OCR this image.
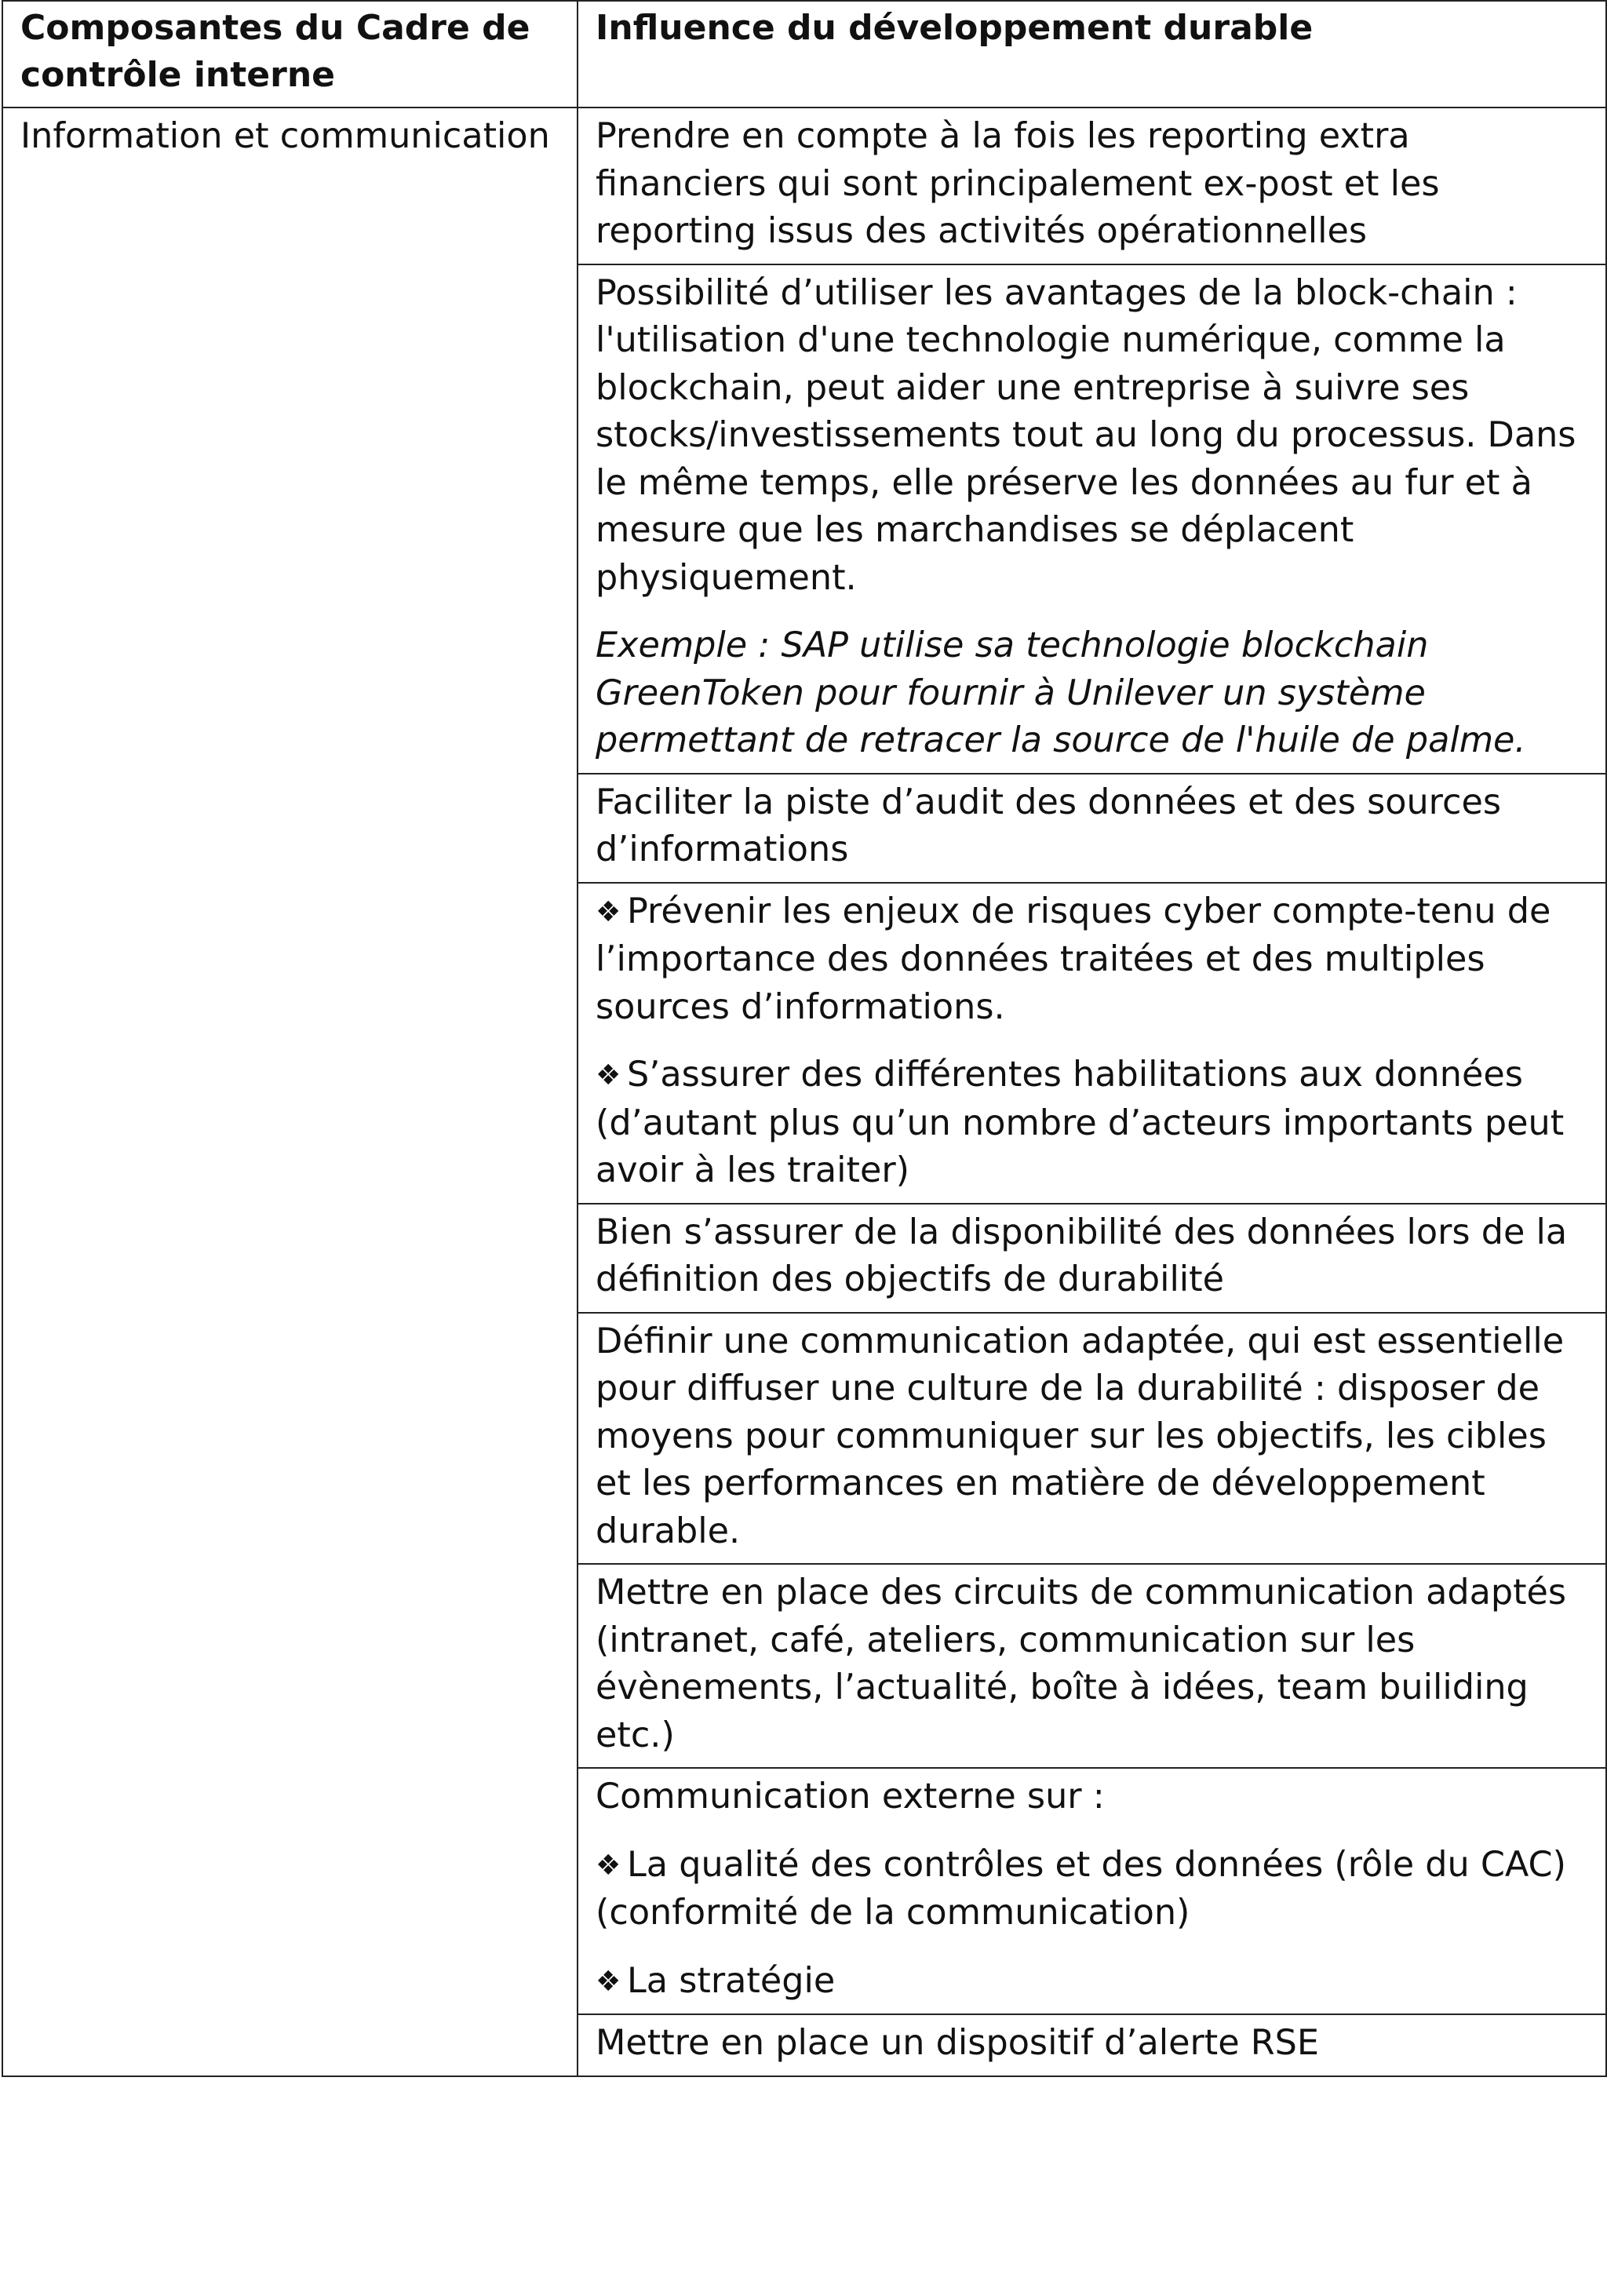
Composantes du Cadre de contrôle interne	Influence du développement durable
Information et communication	Prendre en compte à la fois les reporting extra financiers qui sont principalement ex-post et les reporting issus des activités opérationnelles

	Possibilité d’utiliser les avantages de la block-chain : l'utilisation d'une technologie numérique, comme la blockchain, peut aider une entreprise à suivre ses stocks/investissements tout au long du processus. Dans le même temps, elle préserve les données au fur et à mesure que les marchandises se déplacent physiquement.

Exemple : SAP utilise sa technologie blockchain GreenToken pour fournir à Unilever un système permettant de retracer la source de l'huile de palme.

	Faciliter la piste d’audit des données et des sources d’informations

	❖ Prévenir les enjeux de risques cyber compte-tenu de l’importance des données traitées et des multiples sources d’informations.

❖ S’assurer des différentes habilitations aux données (d’autant plus qu’un nombre d’acteurs importants peut avoir à les traiter)

	Bien s’assurer de la disponibilité des données lors de la définition des objectifs de durabilité

	Définir une communication adaptée, qui est essentielle pour diffuser une culture de la durabilité : disposer de moyens pour communiquer sur les objectifs, les cibles et les performances en matière de développement durable.

	Mettre en place des circuits de communication adaptés (intranet, café, ateliers, communication sur les évènements, l’actualité, boîte à idées, team builiding etc.)

	Communication externe sur :

❖ La qualité des contrôles et des données (rôle du CAC) (conformité de la communication)

❖ La stratégie

	Mettre en place un dispositif d’alerte RSE
